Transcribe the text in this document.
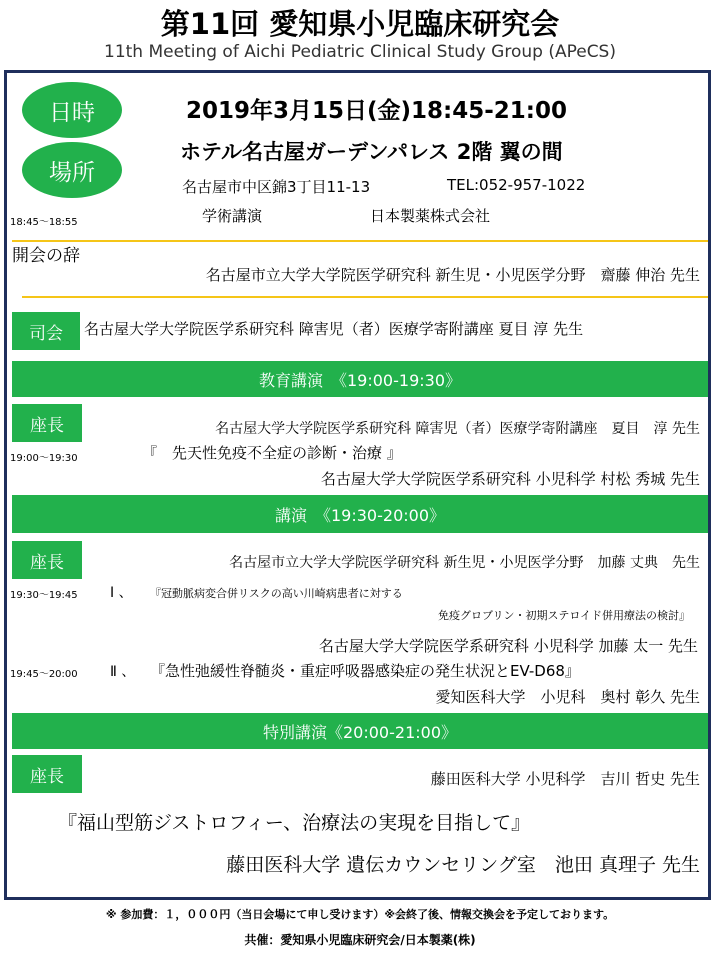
第11回 愛知県小児臨床研究会
11th Meeting of Aichi Pediatric Clinical Study Group (APeCS)
日時
場所
2019年3月15日(金)18:45-21:00
ホテル名古屋ガーデンパレス 2階 翼の間
名古屋市中区錦3丁目11-13	TEL:052-957-1022
18:45～18:55	学術講演	日本製薬株式会社
開会の辞
名古屋市立大学大学院医学研究科 新生児・小児医学分野　齋藤 伸治 先生
司会	名古屋大学大学院医学系研究科 障害児（者）医療学寄附講座 夏目 淳 先生
教育講演　《19:00-19:30》
座長	名古屋大学大学院医学系研究科 障害児（者）医療学寄附講座　夏目　淳 先生
19:00～19:30	『　先天性免疫不全症の診断・治療 』
名古屋大学大学院医学系研究科 小児科学 村松 秀城 先生
講演　《19:30-20:00》
座長	名古屋市立大学大学院医学研究科 新生児・小児医学分野　加藤 丈典　先生
19:30～19:45 Ⅰ 、 『冠動脈病変合併リスクの高い川崎病患者に対する
免疫グロブリン・初期ステロイド併用療法の検討』
名古屋大学大学院医学系研究科 小児科学 加藤 太一 先生
19:45～20:00 Ⅱ 、 『急性弛緩性脊髄炎・重症呼吸器感染症の発生状況とEV-D68』
愛知医科大学　小児科　奥村 彰久 先生
特別講演《20:00-21:00》
座長	藤田医科大学 小児科学　吉川 哲史 先生
『福山型筋ジストロフィー、治療法の実現を目指して』
藤田医科大学 遺伝カウンセリング室　池田 真理子 先生
※ 参加費：１，０００円（当日会場にて申し受けます）※会終了後、情報交換会を予定しております。
共催：愛知県小児臨床研究会/日本製薬(株)
